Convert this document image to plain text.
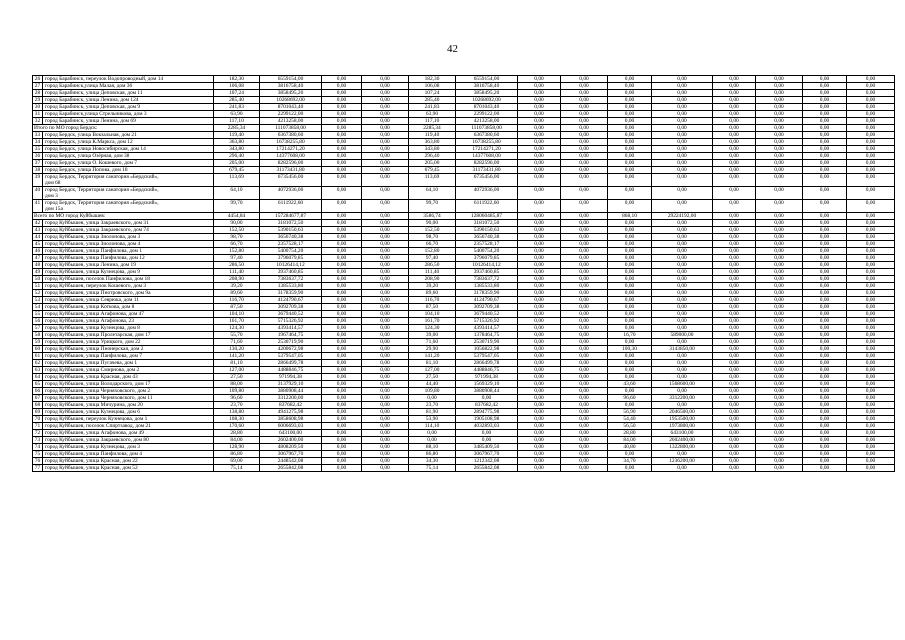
42
26	город Барабинск, переулок Водопроводный, дом 14	182,30	6559154,00	0,00	0,00	182,30	6559154,00	0,00	0,00	0,00	0,00	0,00	0,00	0,00	0,00
27	город Барабинск,улица Малая, дом 36	106,08	3816758,40	0,00	0,00	106,08	3816758,40	0,00	0,00	0,00	0,00	0,00	0,00	0,00	0,00
28	город Барабинск, улица Деповская, дом 11	107,24	3858495,20	0,00	0,00	107,24	3858495,20	0,00	0,00	0,00	0,00	0,00	0,00	0,00	0,00
29	город Барабинск, улица Ленина, дом 124	285,40	10268692,00	0,00	0,00	285,40	10268692,00	0,00	0,00	0,00	0,00	0,00	0,00	0,00	0,00
30	город Барабинск, улица Деповская, дом 9	241,83	8701043,40	0,00	0,00	241,83	8701043,40	0,00	0,00	0,00	0,00	0,00	0,00	0,00	0,00
31	город Барабинск,улица Стрельникова, дом 3	63,90	2299122,00	0,00	0,00	63,90	2299122,00	0,00	0,00	0,00	0,00	0,00	0,00	0,00	0,00
32	город Барабинск, улица Ленина, дом 69	117,10	4213258,00	0,00	0,00	117,10	4213258,00	0,00	0,00	0,00	0,00	0,00	0,00	0,00	0,00
Итого по МО город Бердск:		2285,34	111073858,00	0,00	0,00	2285,34	111073858,00	0,00	0,00	0,00	0,00	0,00	0,00	0,00	0,00
33	город Бердск, улица Вокзальная, дом 21	119,40	6367380,60	0,00	0,00	119,40	6367380,60	0,00	0,00	0,00	0,00	0,00	0,00	0,00	0,00
34	город Бердск, улица К.Маркса, дом 12	363,80	16738255,80	0,00	0,00	363,80	16738255,80	0,00	0,00	0,00	0,00	0,00	0,00	0,00	0,00
35	город Бердск, улица Новосибирская, дом 14	343,80	17214271,20	0,00	0,00	343,80	17214271,20	0,00	0,00	0,00	0,00	0,00	0,00	0,00	0,00
36	город Бердск, улица Озёрная, дом 38	296,40	14377608,00	0,00	0,00	296,40	14377608,00	0,00	0,00	0,00	0,00	0,00	0,00	0,00	0,00
37	город Бердск, улица О. Кошевого, дом 7	205,00	8282596,00	0,00	0,00	205,00	8282596,00	0,00	0,00	0,00	0,00	0,00	0,00	0,00	0,00
38	город Бердск, улица Попова, дом 18	679,45	31173431,80	0,00	0,00	679,45	31173431,80	0,00	0,00	0,00	0,00	0,00	0,00	0,00	0,00
39	город Бердск, Территория санатория «Бердский»,
дом 68	113,69	6735456,00	0,00	0,00	113,69	6735456,00	0,00	0,00	0,00	0,00	0,00	0,00	0,00	0,00
40	город Бердск, Территория санатория «Бердский»,
дом 3	64,10	4072936,00	0,00	0,00	64,10	4072936,00	0,00	0,00	0,00	0,00	0,00	0,00	0,00	0,00
41	город Бердск, Территория санатория «Бердский»,
дом 15а	99,70	6111922,60	0,00	0,00	99,70	6111922,60	0,00	0,00	0,00	0,00	0,00	0,00	0,00	0,00
Всего по МО город Куйбышев:		4454,84	157284677,87	0,00	0,00	3586,74	128060485,87	0,00	0,00	868,10	29224192,00	0,00	0,00	0,00	0,00
42	город Куйбышев, улица Закраевского, дом 31	90,00	3181072,50	0,00	0,00	90,00	3181072,50	0,00	0,00	0,00	0,00	0,00	0,00	0,00	0,00
43	город Куйбышев, улица Закраевского, дом 74	152,50	5390150,63	0,00	0,00	152,50	5390150,63	0,00	0,00	0,00	0,00	0,00	0,00	0,00	0,00
44	город Куйбышев, улица Зиолонова, дом 3	98,70	3656740,38	0,00	0,00	98,70	3656740,38	0,00	0,00	0,00	0,00	0,00	0,00	0,00	0,00
45	город Куйбышев, улица Зиолонова, дом 4	66,70	2357528,17	0,00	0,00	66,70	2357528,17	0,00	0,00	0,00	0,00	0,00	0,00	0,00	0,00
46	город Куйбышев, улица Панфилова, дом 1	152,80	5400754,20	0,00	0,00	152,80	5400754,20	0,00	0,00	0,00	0,00	0,00	0,00	0,00	0,00
47	город Куйбышев, улица Панфилова, дом 12	97,40	3796079,85	0,00	0,00	97,40	3796079,85	0,00	0,00	0,00	0,00	0,00	0,00	0,00	0,00
48	город Куйбышев, улица Ленина, дом 19	286,50	10126414,12	0,00	0,00	286,50	10126414,12	0,00	0,00	0,00	0,00	0,00	0,00	0,00	0,00
49	город Куйбышев, улица Кузнецова, дом 9	111,40	3937460,85	0,00	0,00	111,40	3937460,85	0,00	0,00	0,00	0,00	0,00	0,00	0,00	0,00
50	город Куйбышев, поселок Панфилова, дом 18	208,90	7383637,72	0,00	0,00	208,90	7383637,72	0,00	0,00	0,00	0,00	0,00	0,00	0,00	0,00
51	город Куйбышев, переулок Кошевого, дом 3	39,20	1385533,80	0,00	0,00	39,20	1385533,80	0,00	0,00	0,00	0,00	0,00	0,00	0,00	0,00
52	город Куйбышев, улица Пнотровского, дом 9а	89,60	3178359,90	0,00	0,00	89,60	3178359,90	0,00	0,00	0,00	0,00	0,00	0,00	0,00	0,00
53	город Куйбышев, улица Севрюка, дом 11	116,70	4124790,67	0,00	0,00	116,70	4124790,67	0,00	0,00	0,00	0,00	0,00	0,00	0,00	0,00
54	город Куйбышев, улица Коткова, дом 8	87,50	3092709,38	0,00	0,00	87,50	3092709,38	0,00	0,00	0,00	0,00	0,00	0,00	0,00	0,00
55	город Куйбышев, улица Агафонова, дом 47	104,10	3679440,52	0,00	0,00	104,10	3679440,52	0,00	0,00	0,00	0,00	0,00	0,00	0,00	0,00
56	город Куйбышев, улица Агафонова, 23	161,70	5715326,92	0,00	0,00	161,70	5715326,92	0,00	0,00	0,00	0,00	0,00	0,00	0,00	0,00
57	город Куйбышев, улица Кузнецова, дом 8	124,30	4393414,57	0,00	0,00	124,30	4393414,57	0,00	0,00	0,00	0,00	0,00	0,00	0,00	0,00
58	город Куйбышев, улица Пролетарская, дом 17	55,70	1967464,75	0,00	0,00	39,00	1378464,75	0,00	0,00	16,70	589000,00	0,00	0,00	0,00	0,00
59	город Куйбышев, улица Урицкого, дом 22	71,60	2530719,90	0,00	0,00	71,60	2530719,90	0,00	0,00	0,00	0,00	0,00	0,00	0,00	0,00
60	город Куйбышев, улица Пионерская, дом 2	130,20	4200672,98	0,00	0,00	29,90	1056822,98	0,00	0,00	100,30	3143850,00	0,00	0,00	0,00	0,00
61	город Куйбышев, улица Панфилова, дом 7	141,20	5379547,05	0,00	0,00	141,20	5379547,05	0,00	0,00	0,00	0,00	0,00	0,00	0,00	0,00
62	город Куйбышев, улица Пугачева, дом 1	81,10	2866499,78	0,00	0,00	81,10	2866499,78	0,00	0,00	0,00	0,00	0,00	0,00	0,00	0,00
63	город Куйбышев, улица Смирнова, дом 2	127,00	4488846,75	0,00	0,00	127,00	4488846,75	0,00	0,00	0,00	0,00	0,00	0,00	0,00	0,00
64	город Куйбышев, улица Красная, дом 43	27,50	971994,38	0,00	0,00	27,50	971994,38	0,00	0,00	0,00	0,00	0,00	0,00	0,00	0,00
65	город Куйбышев, улица Володарского, дом 17	88,00	3137929,10	0,00	0,00	44,40	1569329,10	0,00	0,00	43,60	1568600,00	0,00	0,00	0,00	0,00
66	город Куйбышев, улица Черняховского, дом 2	109,80	3880908,44	0,00	0,00	109,80	3880908,44	0,00	0,00	0,00	0,00	0,00	0,00	0,00	0,00
67	город Куйбышев, улица Черняховского, дом 11	96,60	3312200,00	0,00	0,00	0,00	0,00	0,00	0,00	96,60	3312200,00	0,00	0,00	0,00	0,00
68	город Куйбышев, улица Мичурина, дом 20	23,70	837682,42	0,00	0,00	23,70	837682,42	0,00	0,00	0,00	0,00	0,00	0,00	0,00	0,00
69	город Куйбышев, улица Кузнецова, дом 6	138,80	4941275,98	0,00	0,00	81,90	2894775,98	0,00	0,00	56,90	2046500,00	0,00	0,00	0,00	0,00
70	город Куйбышев, переулок Кузнецова, дом 1	108,30	3858608,98	0,00	0,00	53,90	1905108,98	0,00	0,00	54,40	1953500,00	0,00	0,00	0,00	0,00
71	город Куйбышев, поселок Спиртзавод, дом 21	170,60	6006693,03	0,00	0,00	114,10	4032893,03	0,00	0,00	56,50	1973800,00	0,00	0,00	0,00	0,00
72	город Куйбышев, улица Агафонова, дом 49	28,80	643100,00	0,00	0,00	0,00	0,00	0,00	0,00	28,80	643100,00	0,00	0,00	0,00	0,00
73	город Куйбышев, улица Закраевского, дом 80	84,00	2602400,00	0,00	0,00	0,00	0,00	0,00	0,00	84,00	2602400,00	0,00	0,00	0,00	0,00
74	город Куйбышев, улица Кузнецова, дом 3	128,90	4808209,50	0,00	0,00	88,10	3485409,50	0,00	0,00	40,80	1322800,00	0,00	0,00	0,00	0,00
75	город Куйбышев, улица Панфилова, дом 4	86,80	3067967,70	0,00	0,00	86,80	3067967,70	0,00	0,00	0,00	0,00	0,00	0,00	0,00	0,00
76	город Куйбышев, улица Красная, дом 22	69,00	2448542,08	0,00	0,00	34,30	1212342,08	0,00	0,00	34,70	1236200,00	0,00	0,00	0,00	0,00
77	город Куйбышев, улица Красная, дом 52	75,14	2655842,08	0,00	0,00	75,14	2655842,08	0,00	0,00	0,00	0,00	0,00	0,00	0,00	0,00
